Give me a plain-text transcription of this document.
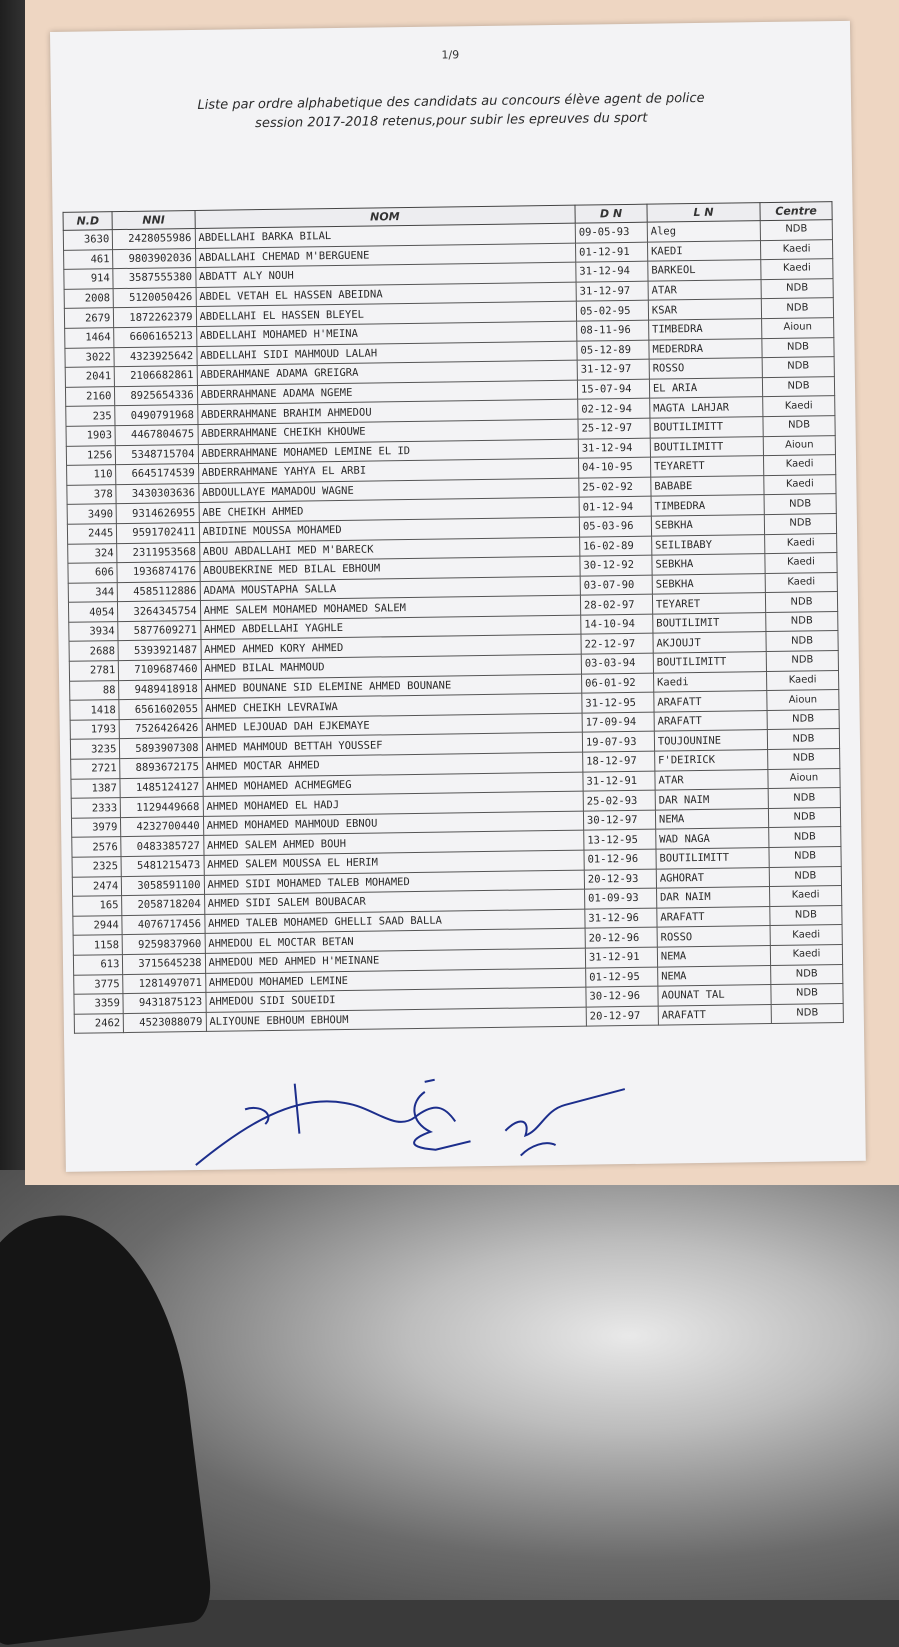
1/9
Liste par ordre alphabetique des candidats au concours élève agent de police
session 2017-2018 retenus,pour subir les epreuves du sport
N.D	NNI	NOM	D N	L N	Centre
3630	2428055986	ABDELLAHI BARKA BILAL	09-05-93	Aleg	NDB
461	9803902036	ABDALLAHI CHEMAD M'BERGUENE	01-12-91	KAEDI	Kaedi
914	3587555380	ABDATT ALY NOUH	31-12-94	BARKEOL	Kaedi
2008	5120050426	ABDEL VETAH EL HASSEN ABEIDNA	31-12-97	ATAR	NDB
2679	1872262379	ABDELLAHI EL HASSEN BLEYEL	05-02-95	KSAR	NDB
1464	6606165213	ABDELLAHI MOHAMED H'MEINA	08-11-96	TIMBEDRA	Aioun
3022	4323925642	ABDELLAHI SIDI MAHMOUD LALAH	05-12-89	MEDERDRA	NDB
2041	2106682861	ABDERAHMANE ADAMA GREIGRA	31-12-97	ROSSO	NDB
2160	8925654336	ABDERRAHMANE ADAMA NGEME	15-07-94	EL ARIA	NDB
235	0490791968	ABDERRAHMANE BRAHIM AHMEDOU	02-12-94	MAGTA LAHJAR	Kaedi
1903	4467804675	ABDERRAHMANE CHEIKH KHOUWE	25-12-97	BOUTILIMITT	NDB
1256	5348715704	ABDERRAHMANE MOHAMED LEMINE EL ID	31-12-94	BOUTILIMITT	Aioun
110	6645174539	ABDERRAHMANE YAHYA EL ARBI	04-10-95	TEYARETT	Kaedi
378	3430303636	ABDOULLAYE MAMADOU WAGNE	25-02-92	BABABE	Kaedi
3490	9314626955	ABE CHEIKH AHMED	01-12-94	TIMBEDRA	NDB
2445	9591702411	ABIDINE MOUSSA MOHAMED	05-03-96	SEBKHA	NDB
324	2311953568	ABOU ABDALLAHI MED M'BARECK	16-02-89	SEILIBABY	Kaedi
606	1936874176	ABOUBEKRINE MED BILAL EBHOUM	30-12-92	SEBKHA	Kaedi
344	4585112886	ADAMA MOUSTAPHA SALLA	03-07-90	SEBKHA	Kaedi
4054	3264345754	AHME SALEM MOHAMED MOHAMED SALEM	28-02-97	TEYARET	NDB
3934	5877609271	AHMED ABDELLAHI YAGHLE	14-10-94	BOUTILIMIT	NDB
2688	5393921487	AHMED AHMED KORY AHMED	22-12-97	AKJOUJT	NDB
2781	7109687460	AHMED BILAL MAHMOUD	03-03-94	BOUTILIMITT	NDB
88	9489418918	AHMED BOUNANE SID ELEMINE AHMED BOUNANE	06-01-92	Kaedi	Kaedi
1418	6561602055	AHMED CHEIKH LEVRAIWA	31-12-95	ARAFATT	Aioun
1793	7526426426	AHMED LEJOUAD DAH EJKEMAYE	17-09-94	ARAFATT	NDB
3235	5893907308	AHMED MAHMOUD BETTAH YOUSSEF	19-07-93	TOUJOUNINE	NDB
2721	8893672175	AHMED MOCTAR AHMED	18-12-97	F'DEIRICK	NDB
1387	1485124127	AHMED MOHAMED ACHMEGMEG	31-12-91	ATAR	Aioun
2333	1129449668	AHMED MOHAMED EL HADJ	25-02-93	DAR NAIM	NDB
3979	4232700440	AHMED MOHAMED MAHMOUD EBNOU	30-12-97	NEMA	NDB
2576	0483385727	AHMED SALEM AHMED BOUH	13-12-95	WAD NAGA	NDB
2325	5481215473	AHMED SALEM MOUSSA EL HERIM	01-12-96	BOUTILIMITT	NDB
2474	3058591100	AHMED SIDI MOHAMED TALEB MOHAMED	20-12-93	AGHORAT	NDB
165	2058718204	AHMED SIDI SALEM BOUBACAR	01-09-93	DAR NAIM	Kaedi
2944	4076717456	AHMED TALEB MOHAMED GHELLI SAAD BALLA	31-12-96	ARAFATT	NDB
1158	9259837960	AHMEDOU EL MOCTAR BETAN	20-12-96	ROSSO	Kaedi
613	3715645238	AHMEDOU MED AHMED H'MEINANE	31-12-91	NEMA	Kaedi
3775	1281497071	AHMEDOU MOHAMED LEMINE	01-12-95	NEMA	NDB
3359	9431875123	AHMEDOU SIDI SOUEIDI	30-12-96	AOUNAT TAL	NDB
2462	4523088079	ALIYOUNE EBHOUM EBHOUM	20-12-97	ARAFATT	NDB
